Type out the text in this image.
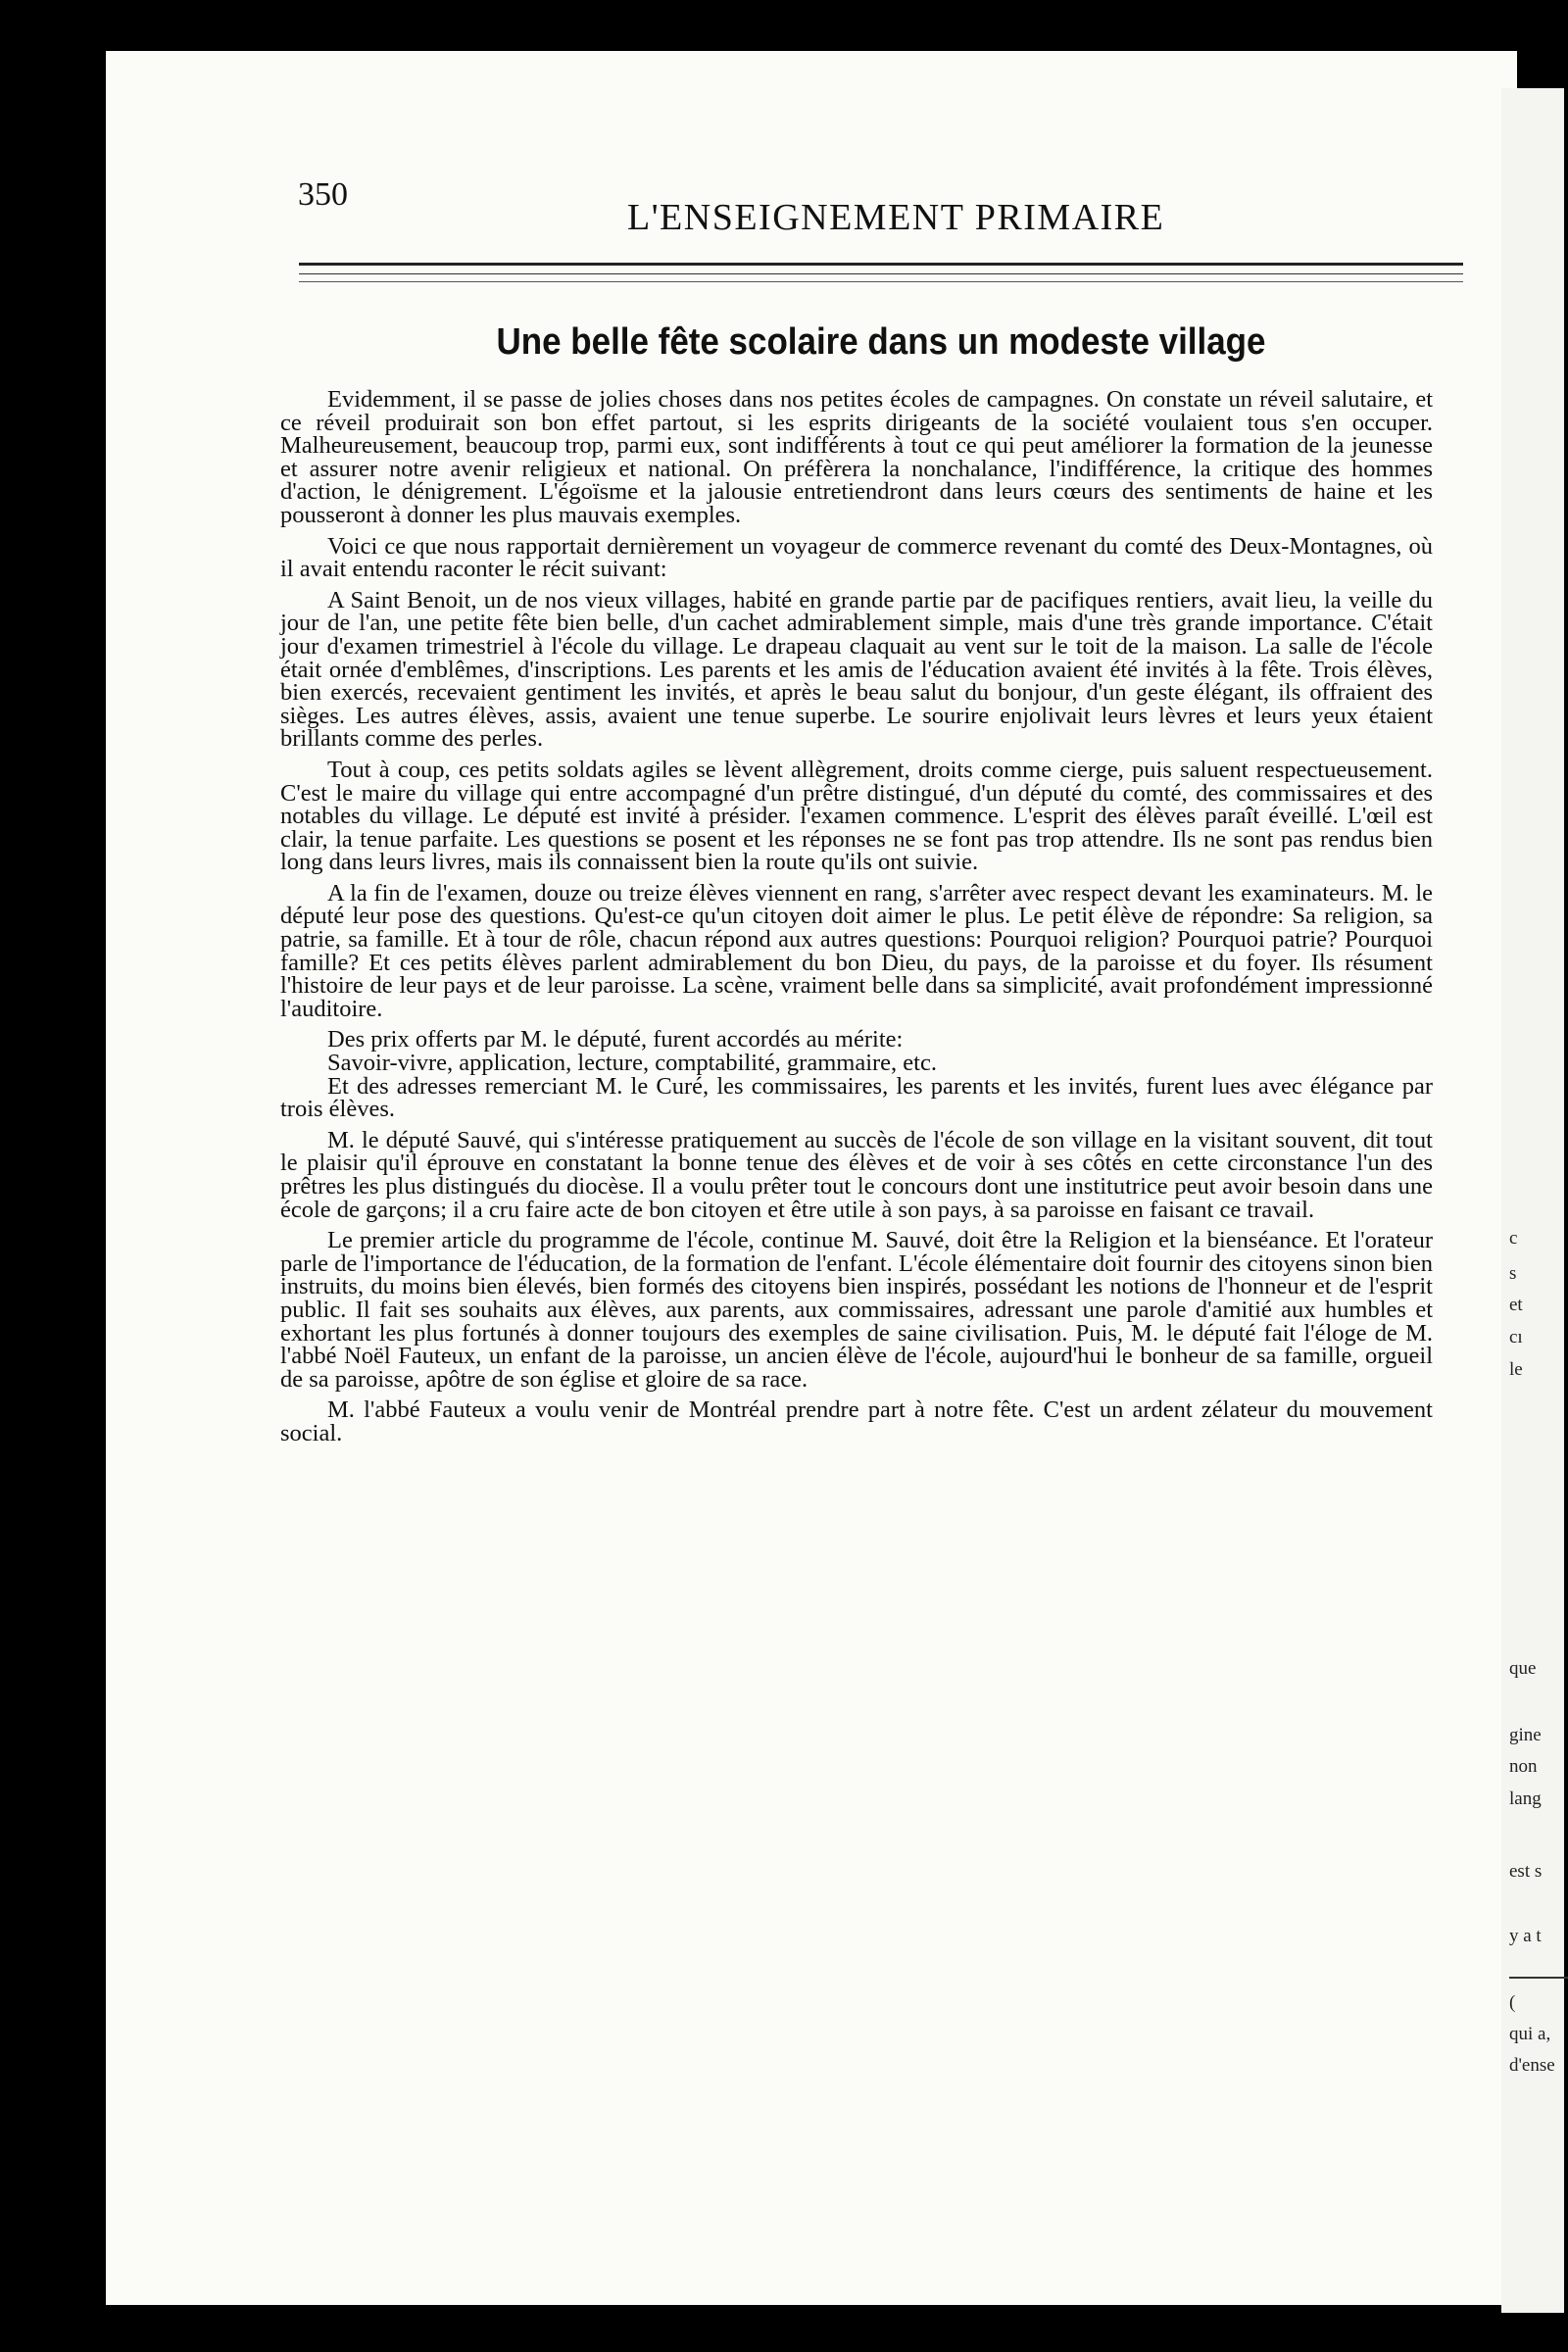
c
s
et
cı
le
que
gine
non
lang
est s
y a t
(
qui a,
d'ense
350
L'ENSEIGNEMENT PRIMAIRE
Une belle fête scolaire dans un modeste village

Evidemment, il se passe de jolies choses dans nos petites écoles de campagnes. On constate un réveil salutaire, et ce réveil produirait son bon effet partout, si les esprits dirigeants de la société voulaient tous s'en occuper. Malheureusement, beaucoup trop, parmi eux, sont indifférents à tout ce qui peut améliorer la formation de la jeunesse et assurer notre avenir religieux et national. On préfèrera la nonchalance, l'indifférence, la critique des hommes d'action, le dénigrement. L'égoïsme et la jalousie entretiendront dans leurs cœurs des sentiments de haine et les pousseront à donner les plus mauvais exemples.

Voici ce que nous rapportait dernièrement un voyageur de commerce revenant du comté des Deux-Montagnes, où il avait entendu raconter le récit suivant:

A Saint Benoit, un de nos vieux villages, habité en grande partie par de pacifiques rentiers, avait lieu, la veille du jour de l'an, une petite fête bien belle, d'un cachet admirablement simple, mais d'une très grande importance. C'était jour d'examen trimestriel à l'école du village. Le drapeau claquait au vent sur le toit de la maison. La salle de l'école était ornée d'emblêmes, d'inscriptions. Les parents et les amis de l'éducation avaient été invités à la fête. Trois élèves, bien exercés, recevaient gentiment les invités, et après le beau salut du bonjour, d'un geste élégant, ils offraient des sièges. Les autres élèves, assis, avaient une tenue superbe. Le sourire enjolivait leurs lèvres et leurs yeux étaient brillants comme des perles.

Tout à coup, ces petits soldats agiles se lèvent allègrement, droits comme cierge, puis saluent respectueusement. C'est le maire du village qui entre accompagné d'un prêtre distingué, d'un député du comté, des commissaires et des notables du village. Le député est invité à présider. l'examen commence. L'esprit des élèves paraît éveillé. L'œil est clair, la tenue parfaite. Les questions se posent et les réponses ne se font pas trop attendre. Ils ne sont pas rendus bien long dans leurs livres, mais ils connaissent bien la route qu'ils ont suivie.

A la fin de l'examen, douze ou treize élèves viennent en rang, s'arrêter avec respect devant les examinateurs. M. le député leur pose des questions. Qu'est-ce qu'un citoyen doit aimer le plus. Le petit élève de répondre: Sa religion, sa patrie, sa famille. Et à tour de rôle, chacun répond aux autres questions: Pourquoi religion? Pourquoi patrie? Pourquoi famille? Et ces petits élèves parlent admirablement du bon Dieu, du pays, de la paroisse et du foyer. Ils résument l'histoire de leur pays et de leur paroisse. La scène, vraiment belle dans sa simplicité, avait profondément impressionné l'auditoire.

Des prix offerts par M. le député, furent accordés au mérite:

Savoir-vivre, application, lecture, comptabilité, grammaire, etc.

Et des adresses remerciant M. le Curé, les commissaires, les parents et les invités, furent lues avec élégance par trois élèves.

M. le député Sauvé, qui s'intéresse pratiquement au succès de l'école de son village en la visitant souvent, dit tout le plaisir qu'il éprouve en constatant la bonne tenue des élèves et de voir à ses côtés en cette circonstance l'un des prêtres les plus distingués du diocèse. Il a voulu prêter tout le concours dont une institutrice peut avoir besoin dans une école de garçons; il a cru faire acte de bon citoyen et être utile à son pays, à sa paroisse en faisant ce travail.

Le premier article du programme de l'école, continue M. Sauvé, doit être la Religion et la bienséance. Et l'orateur parle de l'importance de l'éducation, de la formation de l'enfant. L'école élémentaire doit fournir des citoyens sinon bien instruits, du moins bien élevés, bien formés des citoyens bien inspirés, possédant les notions de l'honneur et de l'esprit public. Il fait ses souhaits aux élèves, aux parents, aux commissaires, adressant une parole d'amitié aux humbles et exhortant les plus fortunés à donner toujours des exemples de saine civilisation. Puis, M. le député fait l'éloge de M. l'abbé Noël Fauteux, un enfant de la paroisse, un ancien élève de l'école, aujourd'hui le bonheur de sa famille, orgueil de sa paroisse, apôtre de son église et gloire de sa race.

M. l'abbé Fauteux a voulu venir de Montréal prendre part à notre fête. C'est un ardent zélateur du mouvement social.
